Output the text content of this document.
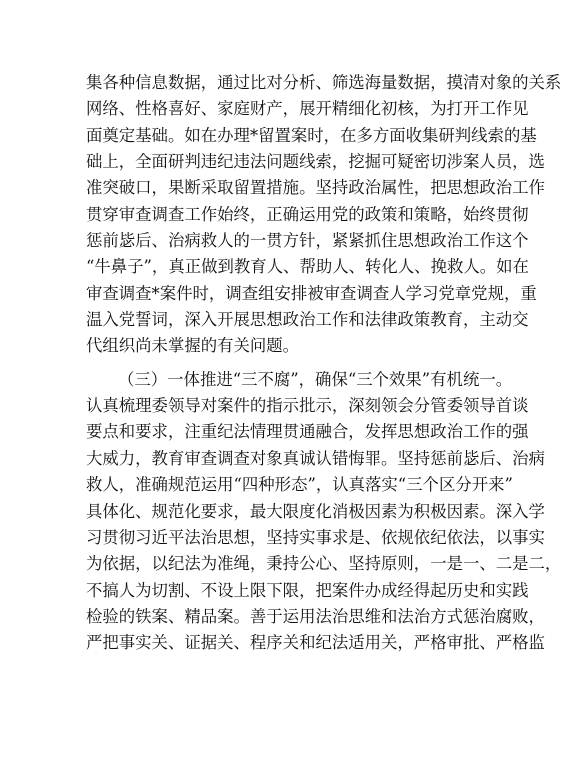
集各种信息数据，通过比对分析、筛选海量数据，摸清对象的关系
网络、性格喜好、家庭财产，展开精细化初核，为打开工作见
面奠定基础。如在办理*留置案时，在多方面收集研判线索的基
础上，全面研判违纪违法问题线索，挖掘可疑密切涉案人员，选
准突破口，果断采取留置措施。坚持政治属性，把思想政治工作
贯穿审查调查工作始终，正确运用党的政策和策略，始终贯彻
惩前毖后、治病救人的一贯方针，紧紧抓住思想政治工作这个
“牛鼻子”，真正做到教育人、帮助人、转化人、挽救人。如在
审查调查*案件时，调查组安排被审查调查人学习党章党规，重
温入党誓词，深入开展思想政治工作和法律政策教育，主动交
代组织尚未掌握的有关问题。
（三）一体推进“三不腐”，确保“三个效果”有机统一。
认真梳理委领导对案件的指示批示，深刻领会分管委领导首谈
要点和要求，注重纪法情理贯通融合，发挥思想政治工作的强
大威力，教育审查调查对象真诚认错悔罪。坚持惩前毖后、治病
救人，准确规范运用“四种形态”，认真落实“三个区分开来”
具体化、规范化要求，最大限度化消极因素为积极因素。深入学
习贯彻习近平法治思想，坚持实事求是、依规依纪依法，以事实
为依据，以纪法为准绳，秉持公心、坚持原则，一是一、二是二，
不搞人为切割、不设上限下限，把案件办成经得起历史和实践
检验的铁案、精品案。善于运用法治思维和法治方式惩治腐败，
严把事实关、证据关、程序关和纪法适用关，严格审批、严格监
